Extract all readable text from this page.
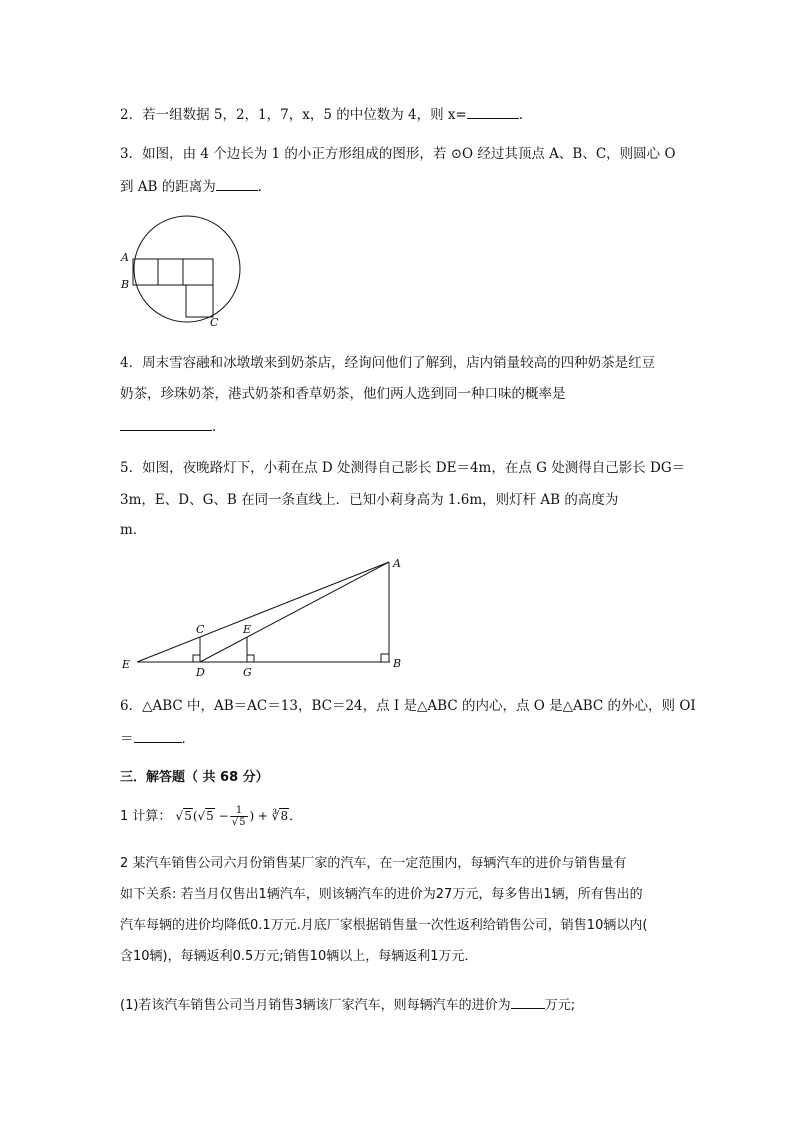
2．若一组数据 5，2，1，7，x，5 的中位数为 4，则 x=	．
3．如图，由 4 个边长为 1 的小正方形组成的图形，若 ⊙O 经过其顶点 A、B、C，则圆心 O
到 AB 的距离为	．
A
B
C
4．周末雪容融和冰墩墩来到奶茶店，经询问他们了解到，店内销量较高的四种奶茶是红豆
奶茶，珍珠奶茶，港式奶茶和香草奶茶，他们两人选到同一种口味的概率是
．
5．如图，夜晚路灯下，小莉在点 D 处测得自己影长 DE＝4m，在点 G 处测得自己影长 DG＝
3m，E、D、G、B 在同一条直线上．已知小莉身高为 1.6m，则灯杆 AB 的高度为
m．
A
B
C
D
E
E
G
6．△ABC 中，AB＝AC＝13，BC＝24，点 I 是△ABC 的内心，点 O 是△ABC 的外心，则 OI
＝	．
三．解答题（ 共 68 分）
1 计算： $√5(√5 - \frac{1}{√5}$ ) + ∛8．
2 某汽车销售公司六月份销售某厂家的汽车，在一定范围内，每辆汽车的进价与销售量有
如下关系: 若当月仅售出1辆汽车，则该辆汽车的进价为27万元，每多售出1辆，所有售出的
汽车每辆的进价均降低0.1万元.月底厂家根据销售量一次性返利给销售公司，销售10辆以内(
含10辆)，每辆返利0.5万元;销售10辆以上，每辆返利1万元．
(1)若该汽车销售公司当月销售3辆该厂家汽车，则每辆汽车的进价为	万元;
